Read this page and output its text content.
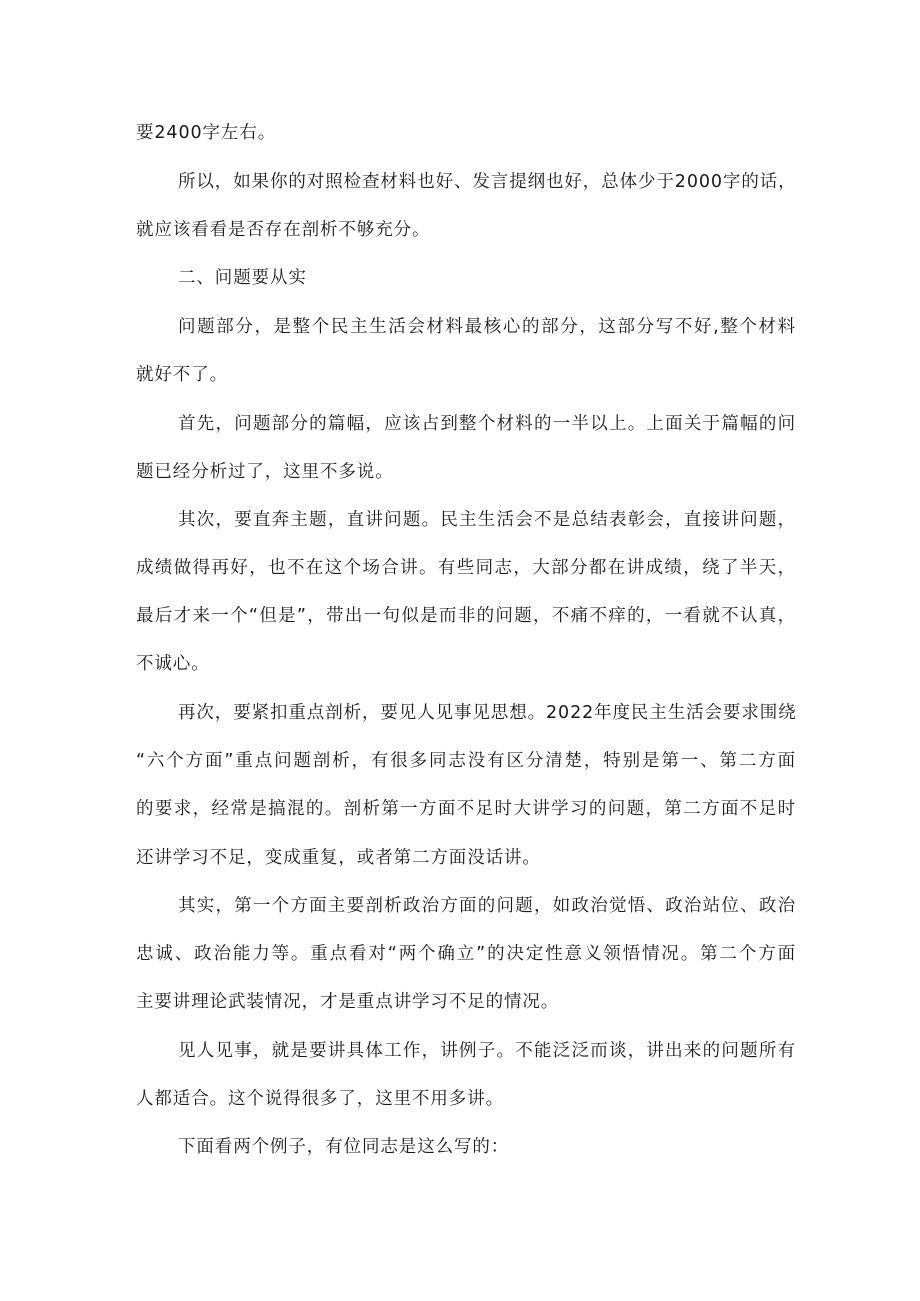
要2400字左右。
所以，如果你的对照检查材料也好、发言提纲也好，总体少于2000字的话，
就应该看看是否存在剖析不够充分。
二、问题要从实
问题部分，是整个民主生活会材料最核心的部分，这部分写不好,整个材料
就好不了。
首先，问题部分的篇幅，应该占到整个材料的一半以上。上面关于篇幅的问
题已经分析过了，这里不多说。
其次，要直奔主题，直讲问题。民主生活会不是总结表彰会，直接讲问题，
成绩做得再好，也不在这个场合讲。有些同志，大部分都在讲成绩，绕了半天，
最后才来一个“但是”，带出一句似是而非的问题，不痛不痒的，一看就不认真，
不诚心。
再次，要紧扣重点剖析，要见人见事见思想。2022年度民主生活会要求围绕
“六个方面”重点问题剖析，有很多同志没有区分清楚，特别是第一、第二方面
的要求，经常是搞混的。剖析第一方面不足时大讲学习的问题，第二方面不足时
还讲学习不足，变成重复，或者第二方面没话讲。
其实，第一个方面主要剖析政治方面的问题，如政治觉悟、政治站位、政治
忠诚、政治能力等。重点看对“两个确立”的决定性意义领悟情况。第二个方面
主要讲理论武装情况，才是重点讲学习不足的情况。
见人见事，就是要讲具体工作，讲例子。不能泛泛而谈，讲出来的问题所有
人都适合。这个说得很多了，这里不用多讲。
下面看两个例子，有位同志是这么写的：
